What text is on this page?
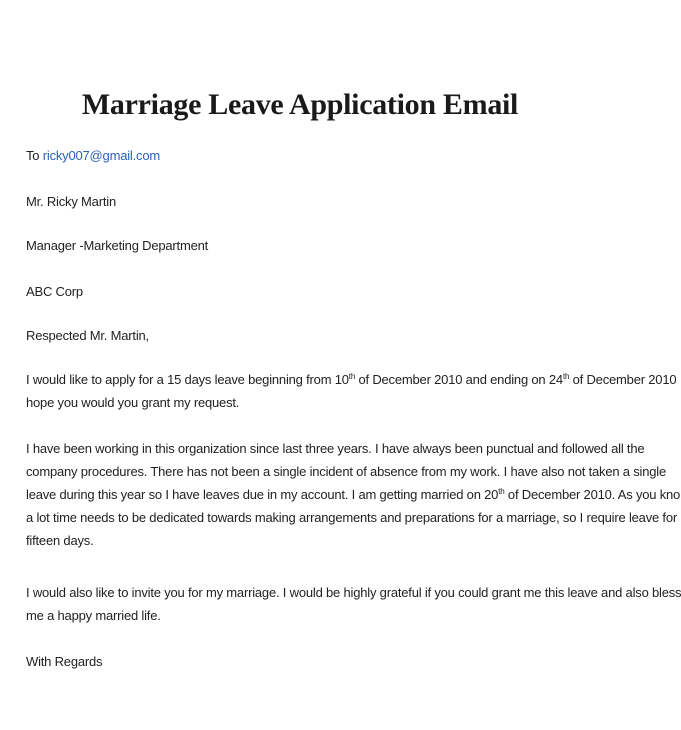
Marriage Leave Application Email
To ricky007@gmail.com
Mr. Ricky Martin
Manager -Marketing Department
ABC Corp
Respected Mr. Martin,
I would like to apply for a 15 days leave beginning from 10th of December 2010 and ending on 24th of December 2010
hope you would you grant my request.
I have been working in this organization since last three years. I have always been punctual and followed all the
company procedures. There has not been a single incident of absence from my work. I have also not taken a single
leave during this year so I have leaves due in my account. I am getting married on 20th of December 2010. As you kno
a lot time needs to be dedicated towards making arrangements and preparations for a marriage, so I require leave for
fifteen days.
I would also like to invite you for my marriage. I would be highly grateful if you could grant me this leave and also bless
me a happy married life.
With Regards
